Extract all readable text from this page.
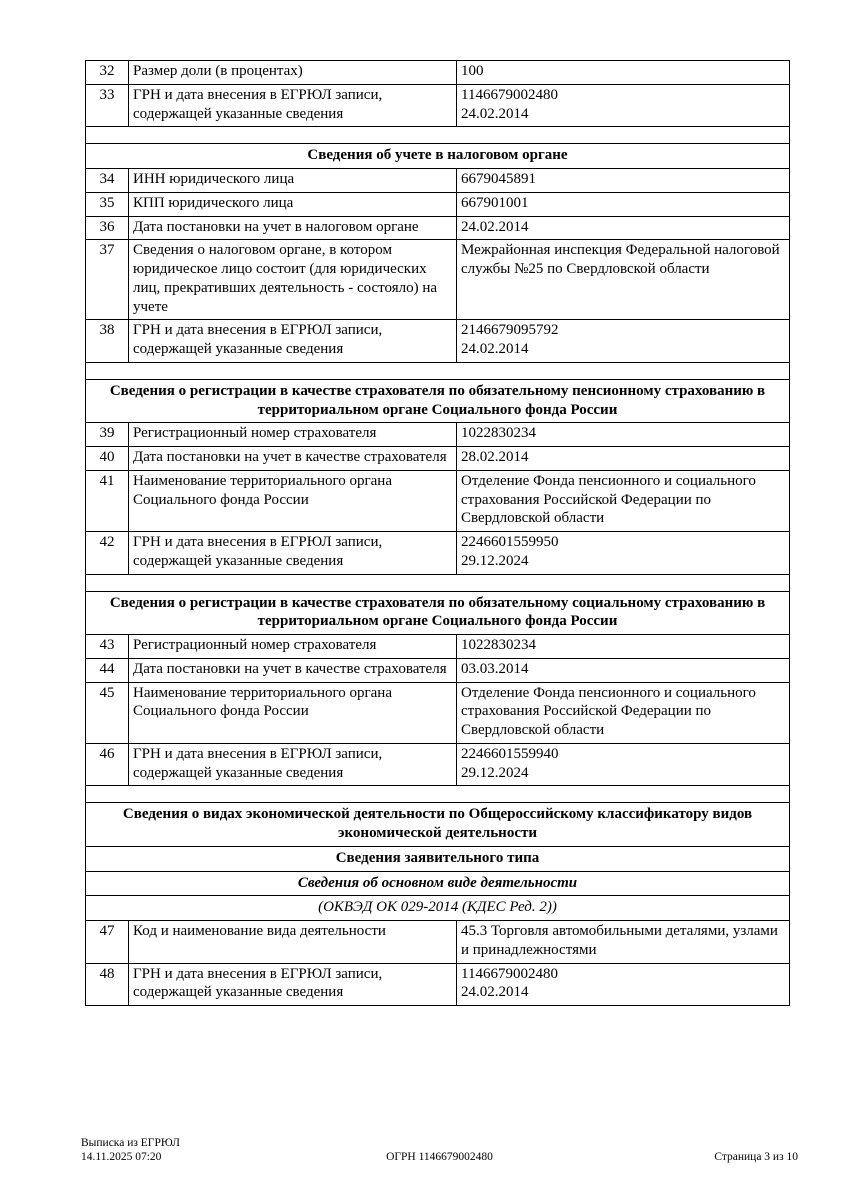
32	Размер доли (в процентах)	100

33	ГРН и дата внесения в ЕГРЮЛ записи, содержащей указанные сведения	1146679002480
24.02.2014

Сведения об учете в налоговом органе		
34	ИНН юридического лица	6679045891

35	КПП юридического лица	667901001

36	Дата постановки на учет в налоговом органе	24.02.2014

37	Сведения о налоговом органе, в котором юридическое лицо состоит (для юридических лиц, прекративших деятельность - состояло) на учете	Межрайонная инспекция Федеральной налоговой службы №25 по Свердловской области

38	ГРН и дата внесения в ЕГРЮЛ записи, содержащей указанные сведения	2146679095792
24.02.2014

Сведения о регистрации в качестве страхователя по обязательному пенсионному страхованию в территориальном органе Социального фонда России		
39	Регистрационный номер страхователя	1022830234

40	Дата постановки на учет в качестве страхователя	28.02.2014

41	Наименование территориального органа Социального фонда России	Отделение Фонда пенсионного и социального страхования Российской Федерации по Свердловской области

42	ГРН и дата внесения в ЕГРЮЛ записи, содержащей указанные сведения	2246601559950
29.12.2024

Сведения о регистрации в качестве страхователя по обязательному социальному страхованию в территориальном органе Социального фонда России		
43	Регистрационный номер страхователя	1022830234

44	Дата постановки на учет в качестве страхователя	03.03.2014

45	Наименование территориального органа Социального фонда России	Отделение Фонда пенсионного и социального страхования Российской Федерации по Свердловской области

46	ГРН и дата внесения в ЕГРЮЛ записи, содержащей указанные сведения	2246601559940
29.12.2024

Сведения о видах экономической деятельности по Общероссийскому классификатору видов экономической деятельности		
Сведения заявительного типа		
Сведения об основном виде деятельности		
(ОКВЭД ОК 029-2014 (КДЕС Ред. 2))		
47	Код и наименование вида деятельности	45.3 Торговля автомобильными деталями, узлами и принадлежностями

48	ГРН и дата внесения в ЕГРЮЛ записи, содержащей указанные сведения	1146679002480
24.02.2014
Выписка из ЕГРЮЛ
14.11.2025 07:20	ОГРН 1146679002480	Страница 3 из 10
